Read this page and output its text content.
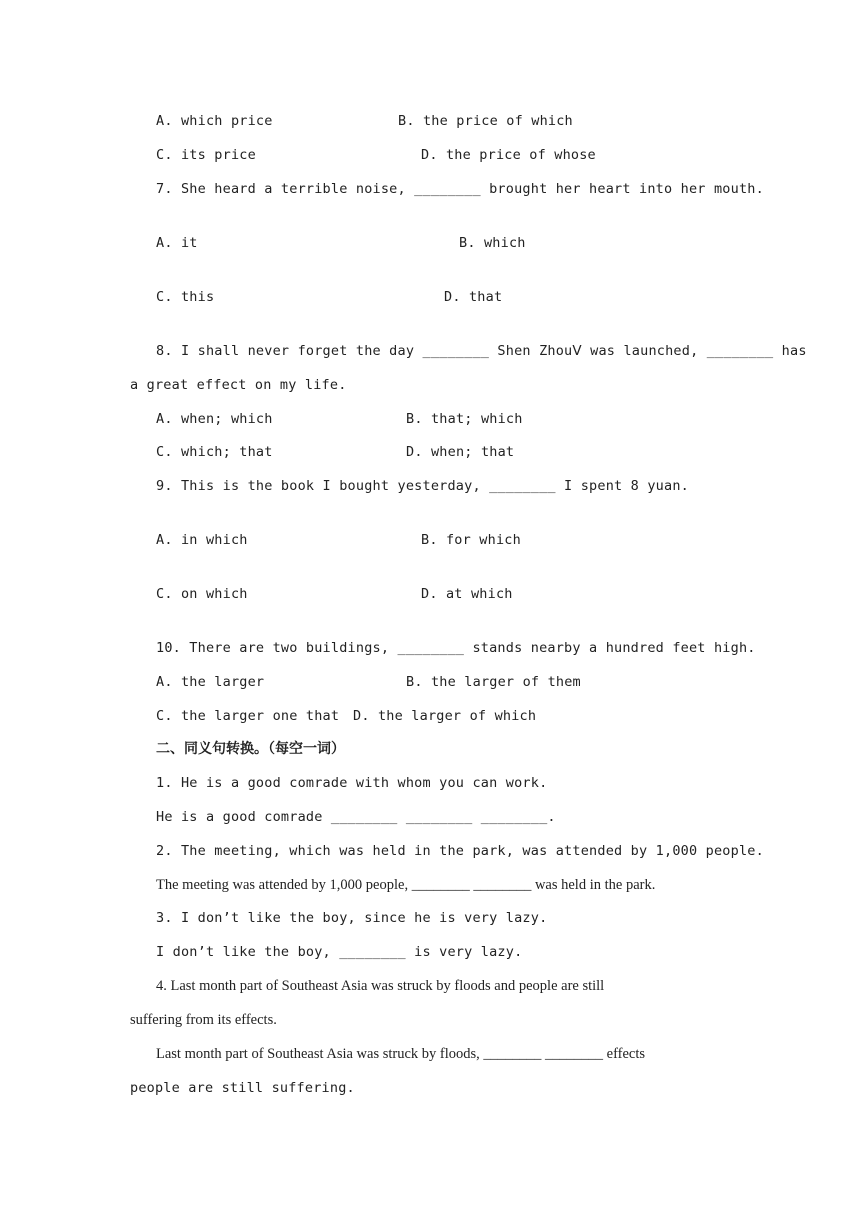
A. which price

	B. the price of which

C. its price

	D. the price of whose

7. She heard a terrible noise, ________ brought her heart into her mouth.

A. it

	B. which

C. this

	D. that

8. I shall never forget the day ________ Shen ZhouⅤ was launched, ________ has

a great effect on my life.

A. when; which

	B. that; which

C. which; that

	D. when; that

9. This is the book I bought yesterday, ________ I spent 8 yuan.

A. in which

	B. for which

C. on which

	D. at which

10. There are two buildings, ________ stands nearby a hundred feet high.

A. the larger

	B. the larger of them

C. the larger one that

D. the larger of which

二、同义句转换。（每空一词）

1. He is a good comrade with whom you can work.

He is a good comrade ________ ________ ________.

2. The meeting, which was held in the park, was attended by 1,000 people.

The meeting was attended by 1,000 people, ________ ________ was held in the park.

3. I don’t like the boy, since he is very lazy.

I don’t like the boy, ________ is very lazy.

4. Last month part of Southeast Asia was struck by floods and people are still

suffering from its effects.

Last month part of Southeast Asia was struck by floods, ________ ________ effects

people are still suffering.
